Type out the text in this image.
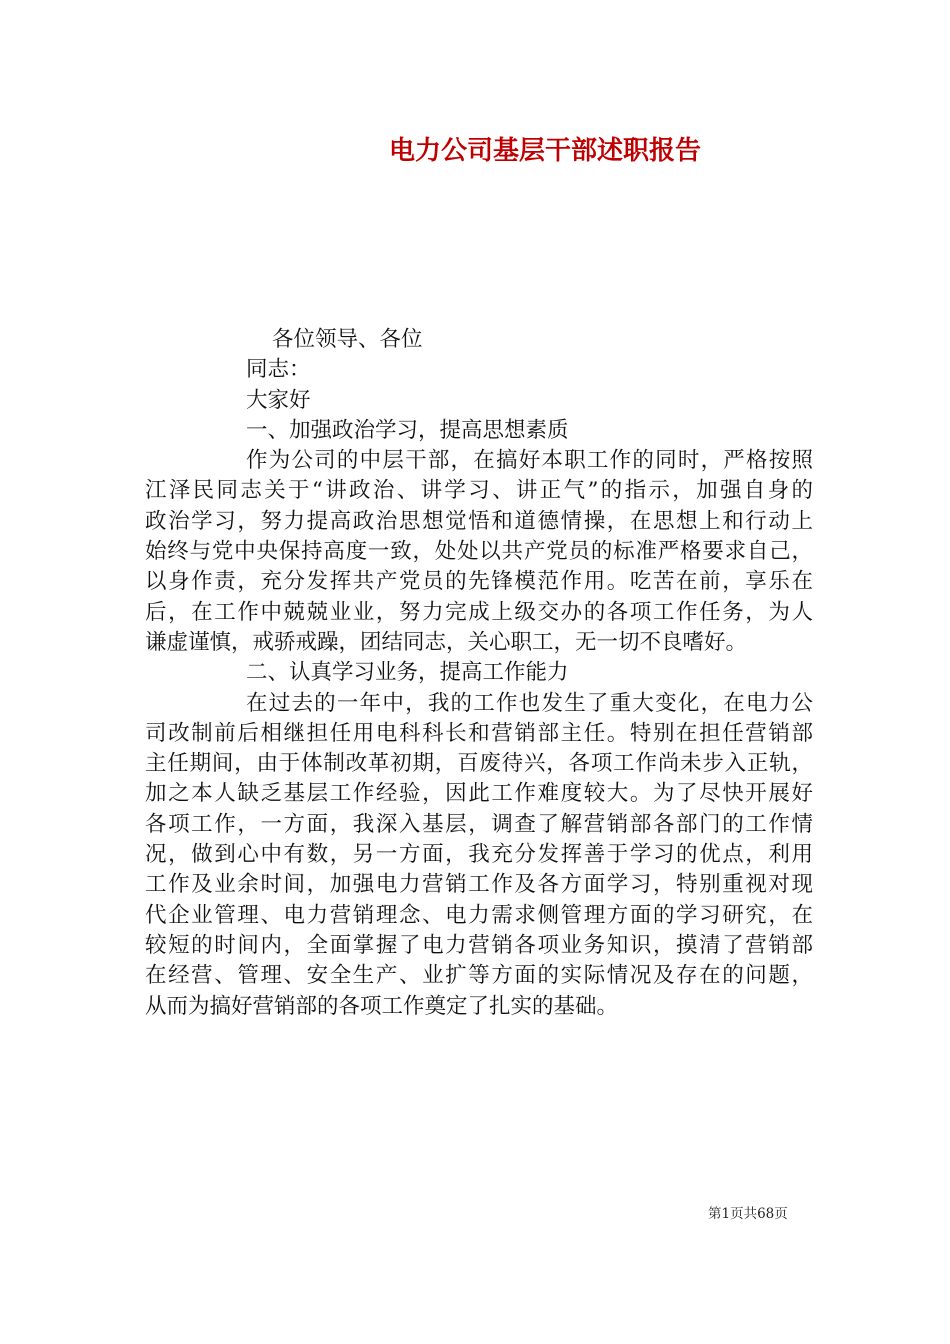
电力公司基层干部述职报告
各位领导、各位
同志：
大家好
一、加强政治学习，提高思想素质
作为公司的中层干部，在搞好本职工作的同时，严格按照
江泽民同志关于“讲政治、讲学习、讲正气”的指示，加强自身的
政治学习，努力提高政治思想觉悟和道德情操，在思想上和行动上
始终与党中央保持高度一致，处处以共产党员的标准严格要求自己，
以身作责，充分发挥共产党员的先锋模范作用。吃苦在前，享乐在
后，在工作中兢兢业业，努力完成上级交办的各项工作任务，为人
谦虚谨慎，戒骄戒躁，团结同志，关心职工，无一切不良嗜好。
二、认真学习业务，提高工作能力
在过去的一年中，我的工作也发生了重大变化，在电力公
司改制前后相继担任用电科科长和营销部主任。特别在担任营销部
主任期间，由于体制改革初期，百废待兴，各项工作尚未步入正轨，
加之本人缺乏基层工作经验，因此工作难度较大。为了尽快开展好
各项工作，一方面，我深入基层，调查了解营销部各部门的工作情
况，做到心中有数，另一方面，我充分发挥善于学习的优点，利用
工作及业余时间，加强电力营销工作及各方面学习，特别重视对现
代企业管理、电力营销理念、电力需求侧管理方面的学习研究，在
较短的时间内，全面掌握了电力营销各项业务知识，摸清了营销部
在经营、管理、安全生产、业扩等方面的实际情况及存在的问题，
从而为搞好营销部的各项工作奠定了扎实的基础。
第1页共68页
